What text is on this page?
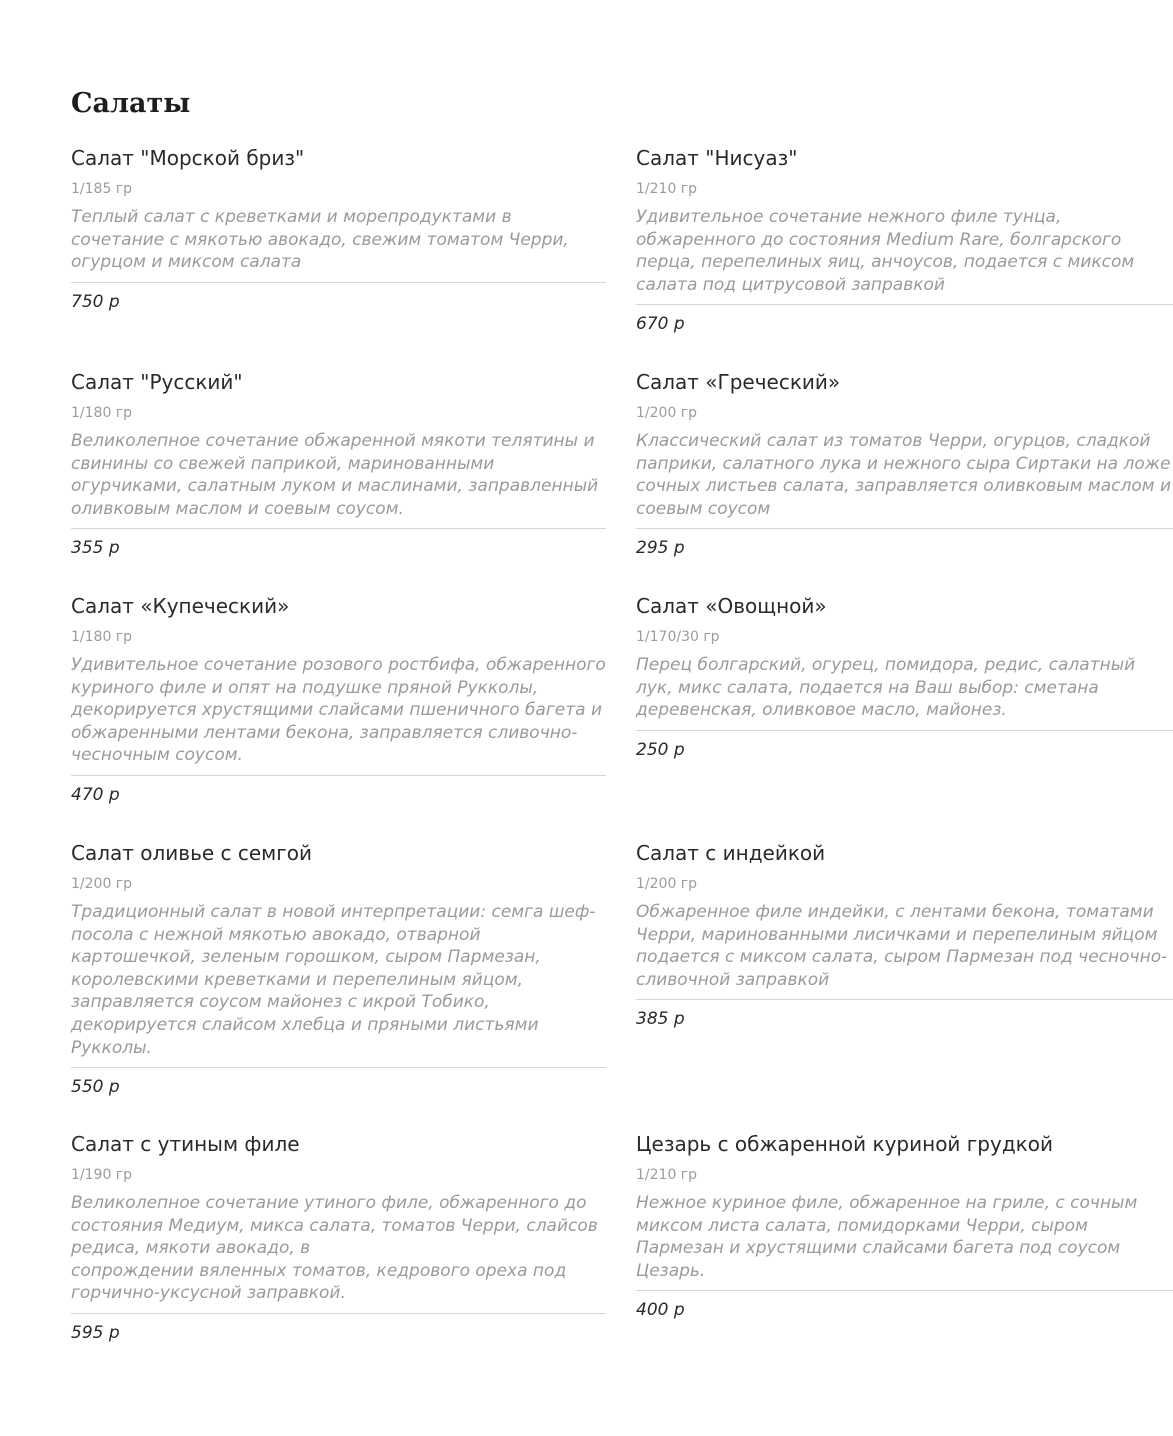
Салаты
Салат "Морской бриз"
1/185 гр
Теплый салат с креветками и морепродуктами в
сочетание с мякотью авокадо, свежим томатом Черри,
огурцом и миксом салата
750 р
Салат "Нисуаз"
1/210 гр
Удивительное сочетание нежного филе тунца,
обжаренного до состояния Medium Rare, болгарского
перца, перепелиных яиц, анчоусов, подается с миксом
салата под цитрусовой заправкой
670 р
Салат "Русский"
1/180 гр
Великолепное сочетание обжаренной мякоти телятины и
свинины со свежей паприкой, маринованными
огурчиками, салатным луком и маслинами, заправленный
оливковым маслом и соевым соусом.
355 р
Салат «Греческий»
1/200 гр
Классический салат из томатов Черри, огурцов, сладкой
паприки, салатного лука и нежного сыра Сиртаки на ложе
сочных листьев салата, заправляется оливковым маслом и
соевым соусом
295 р
Салат «Купеческий»
1/180 гр
Удивительное сочетание розового ростбифа, обжаренного
куриного филе и опят на подушке пряной Рукколы,
декорируется хрустящими слайсами пшеничного багета и
обжаренными лентами бекона, заправляется сливочно-
чесночным соусом.
470 р
Салат «Овощной»
1/170/30 гр
Перец болгарский, огурец, помидора, редис, салатный
лук, микс салата, подается на Ваш выбор: сметана
деревенская, оливковое масло, майонез.
250 р
Салат оливье с семгой
1/200 гр
Традиционный салат в новой интерпретации: семга шеф-
посола с нежной мякотью авокадо, отварной
картошечкой, зеленым горошком, сыром Пармезан,
королевскими креветками и перепелиным яйцом,
заправляется соусом майонез с икрой Тобико,
декорируется слайсом хлебца и пряными листьями
Рукколы.
550 р
Салат с индейкой
1/200 гр
Обжаренное филе индейки, с лентами бекона, томатами
Черри, маринованными лисичками и перепелиным яйцом
подается с миксом салата, сыром Пармезан под чесночно-
сливочной заправкой
385 р
Салат с утиным филе
1/190 гр
Великолепное сочетание утиного филе, обжаренного до
состояния Медиум, микса салата, томатов Черри, слайсов
редиса, мякоти авокадо, в
сопрождении вяленных томатов, кедрового ореха под
горчично-уксусной заправкой.
595 р
Цезарь с обжаренной куриной грудкой
1/210 гр
Нежное куриное филе, обжаренное на гриле, с сочным
миксом листа салата, помидорками Черри, сыром
Пармезан и хрустящими слайсами багета под соусом
Цезарь.
400 р
